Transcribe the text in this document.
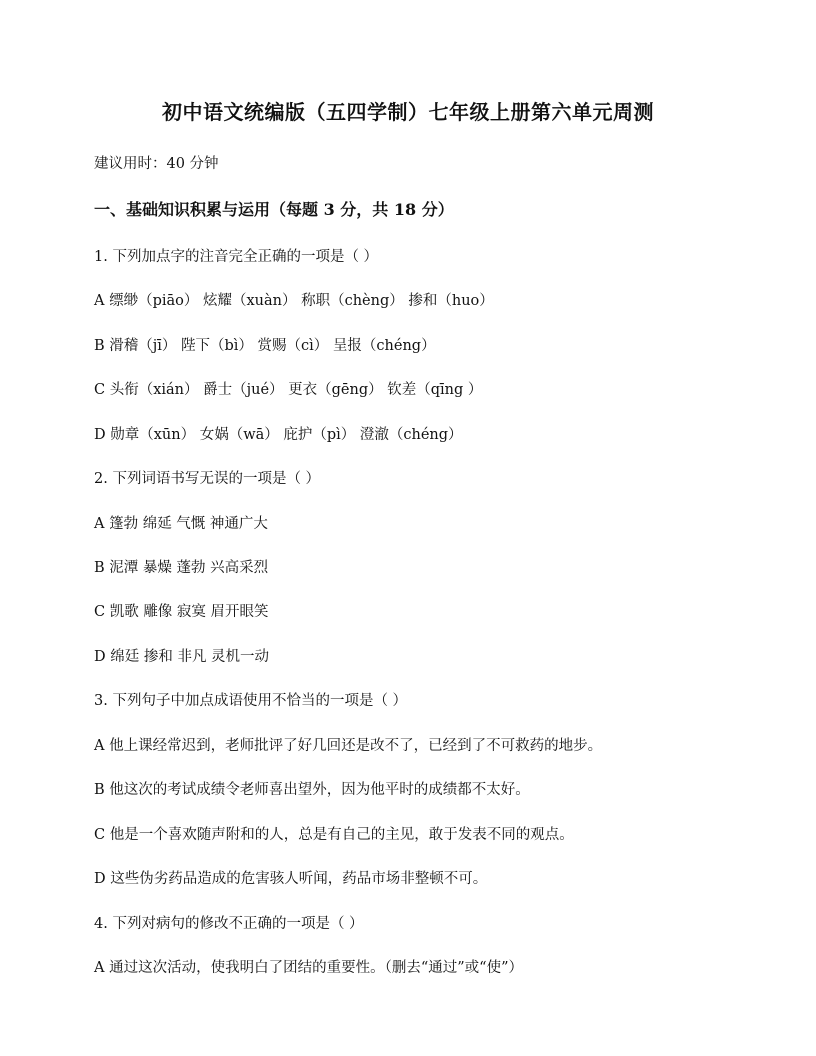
初中语文统编版（五四学制）七年级上册第六单元周测
建议用时：40 分钟
一、基础知识积累与运用（每题 3 分，共 18 分）
1. 下列加点字的注音完全正确的一项是（ ）
A 缥缈（piāo） 炫耀（xuàn） 称职（chèng） 掺和（huo）
B 滑稽（jī） 陛下（bì） 赏赐（cì） 呈报（chéng）
C 头衔（xián） 爵士（jué） 更衣（gēng） 钦差（qīng ）
D 勋章（xūn） 女娲（wā） 庇护（pì） 澄澈（chéng）
2. 下列词语书写无误的一项是（ ）
A 篷勃 绵延 气慨 神通广大
B 泥潭 暴燥 蓬勃 兴高采烈
C 凯歌 雕像 寂寞 眉开眼笑
D 绵廷 掺和 非凡 灵机一动
3. 下列句子中加点成语使用不恰当的一项是（ ）
A 他上课经常迟到，老师批评了好几回还是改不了，已经到了不可救药的地步。
B 他这次的考试成绩令老师喜出望外，因为他平时的成绩都不太好。
C 他是一个喜欢随声附和的人，总是有自己的主见，敢于发表不同的观点。
D 这些伪劣药品造成的危害骇人听闻，药品市场非整顿不可。
4. 下列对病句的修改不正确的一项是（ ）
A 通过这次活动，使我明白了团结的重要性。（删去“通过”或“使”）
